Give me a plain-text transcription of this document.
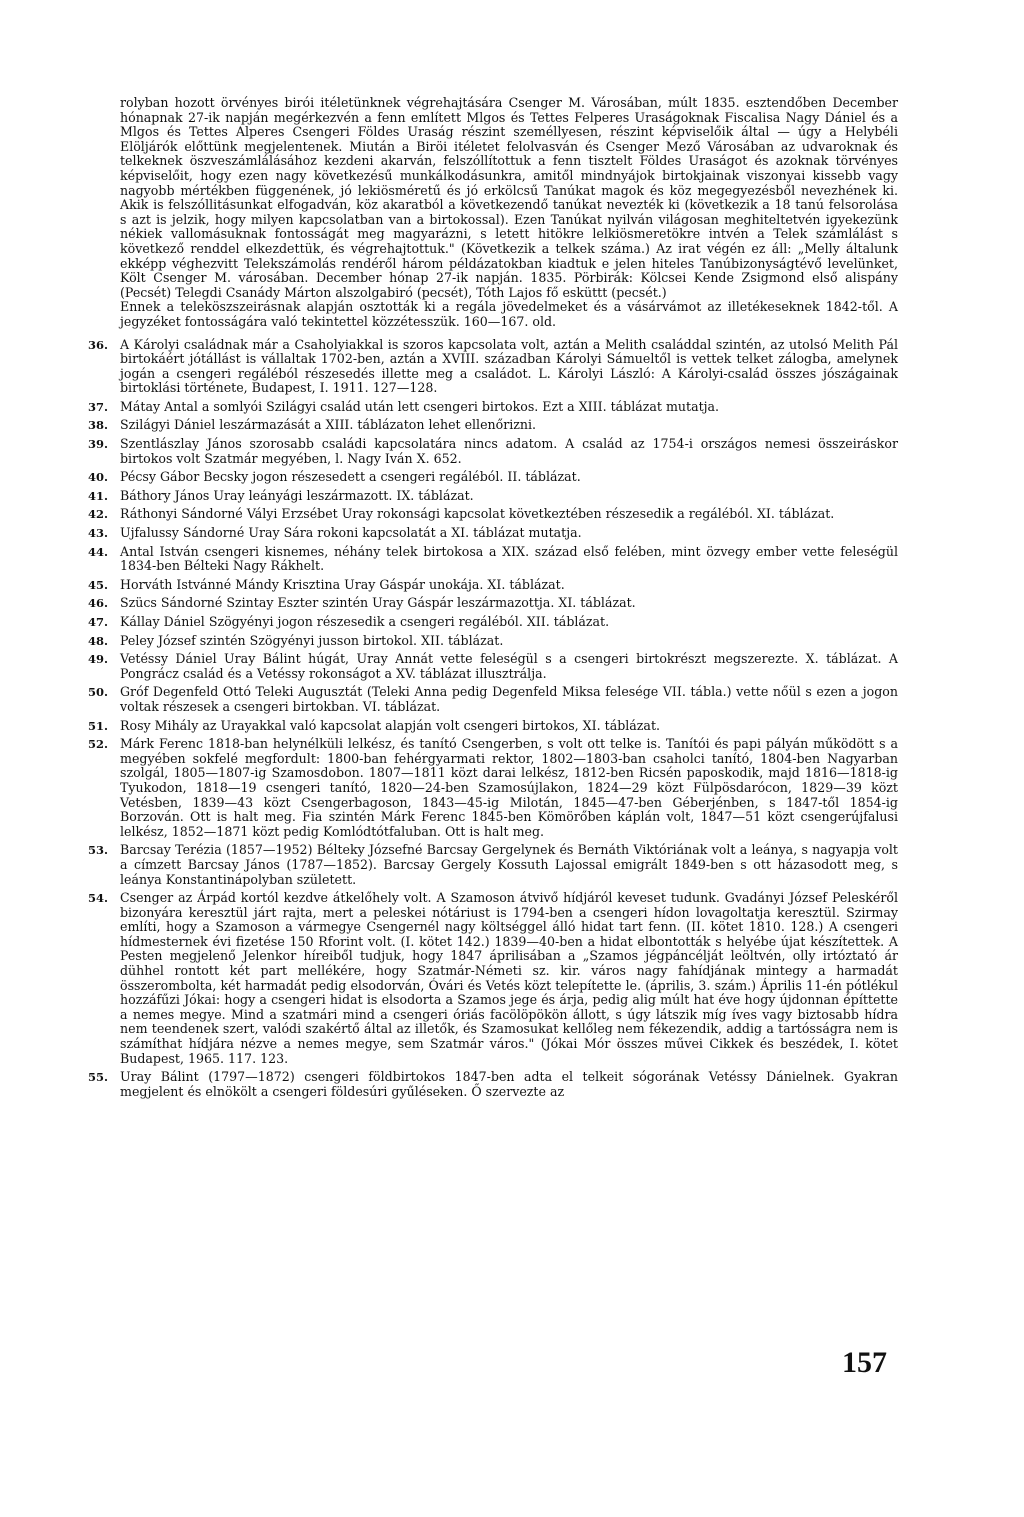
rolyban hozott örvényes birói itéletünknek végrehajtására Csenger M. Városában, múlt 1835. esztendőben December hónapnak 27-ik napján megérkezvén a fenn említett Mlgos és Tettes Felperes Uraságoknak Fiscalisa Nagy Dániel és a Mlgos és Tettes Alperes Csengeri Földes Uraság részint személlyesen, részint képviselőik által — úgy a Helybéli Elöljárók előttünk megjelentenek. Miután a Biröi itéletet felolvasván és Csenger Mező Városában az udvaroknak és telkeknek öszveszámlálásához kezdeni akarván, felszóllítottuk a fenn tisztelt Földes Uraságot és azoknak törvényes képviselőit, hogy ezen nagy következésű munkálkodásunkra, amitől mindnyájok birtokjainak viszonyai kissebb vagy nagyobb mértékben függenének, jó lekiösméretű és jó erkölcsű Tanúkat magok és köz megegyezésből nevezhének ki. Akik is felszóllitásunkat elfogadván, köz akaratból a következendő tanúkat nevezték ki (következik a 18 tanú felsorolása s azt is jelzik, hogy milyen kapcsolatban van a birtokossal). Ezen Tanúkat nyilván világosan meghiteltetvén igyekezünk nékiek vallomásuknak fontosságát meg magyarázni, s letett hitökre lelkiösmeretökre intvén a Telek számlálást s következő renddel elkezdettük, és végrehajtottuk." (Következik a telkek száma.) Az irat végén ez áll: „Melly általunk ekképp véghezvitt Telekszámolás rendéről három példázatokban kiadtuk e jelen hiteles Tanúbizonyságtévő levelünket, Költ Csenger M. városában. December hónap 27-ik napján. 1835. Pörbirák: Kölcsei Kende Zsigmond első alispány (Pecsét) Telegdi Csanády Márton alszolgabiró (pecsét), Tóth Lajos fő esküttt (pecsét.)

Ennek a teleköszszeirásnak alapján osztották ki a regála jövedelmeket és a vásárvámot az illetékeseknek 1842-től. A jegyzéket fontosságára való tekintettel közzétesszük. 160—167. old.

36. A Károlyi családnak már a Csaholyiakkal is szoros kapcsolata volt, aztán a Melith családdal szintén, az utolsó Melith Pál birtokáért jótállást is vállaltak 1702-ben, aztán a XVIII. században Károlyi Sámueltől is vettek telket zálogba, amelynek jogán a csengeri regáléból részesedés illette meg a családot. L. Károlyi László: A Károlyi-család összes jószágainak birtoklási története, Budapest, I. 1911. 127—128.
37. Mátay Antal a somlyói Szilágyi család után lett csengeri birtokos. Ezt a XIII. táblázat mutatja.
38. Szilágyi Dániel leszármazását a XIII. táblázaton lehet ellenőrizni.
39. Szentlászlay János szorosabb családi kapcsolatára nincs adatom. A család az 1754-i országos nemesi összeiráskor birtokos volt Szatmár megyében, l. Nagy Iván X. 652.
40. Pécsy Gábor Becsky jogon részesedett a csengeri regáléból. II. táblázat.
41. Báthory János Uray leányági leszármazott. IX. táblázat.
42. Ráthonyi Sándorné Vályi Erzsébet Uray rokonsági kapcsolat következtében részesedik a regáléból. XI. táblázat.
43. Ujfalussy Sándorné Uray Sára rokoni kapcsolatát a XI. táblázat mutatja.
44. Antal István csengeri kisnemes, néhány telek birtokosa a XIX. század első felében, mint özvegy ember vette feleségül 1834-ben Bélteki Nagy Rákhelt.
45. Horváth Istvánné Mándy Krisztina Uray Gáspár unokája. XI. táblázat.
46. Szücs Sándorné Szintay Eszter szintén Uray Gáspár leszármazottja. XI. táblázat.
47. Kállay Dániel Szögyényi jogon részesedik a csengeri regáléból. XII. táblázat.
48. Peley József szintén Szögyényi jusson birtokol. XII. táblázat.
49. Vetéssy Dániel Uray Bálint húgát, Uray Annát vette feleségül s a csengeri birtokrészt megszerezte. X. táblázat. A Pongrácz család és a Vetéssy rokonságot a XV. táblázat illusztrálja.
50. Gróf Degenfeld Ottó Teleki Augusztát (Teleki Anna pedig Degenfeld Miksa felesége VII. tábla.) vette nőül s ezen a jogon voltak részesek a csengeri birtokban. VI. táblázat.
51. Rosy Mihály az Urayakkal való kapcsolat alapján volt csengeri birtokos, XI. táblázat.
52. Márk Ferenc 1818-ban helynélküli lelkész, és tanító Csengerben, s volt ott telke is. Tanítói és papi pályán működött s a megyében sokfelé megfordult: 1800-ban fehérgyarmati rektor, 1802—1803-ban csaholci tanító, 1804-ben Nagyarban szolgál, 1805—1807-ig Szamosdobon. 1807—1811 közt darai lelkész, 1812-ben Ricsén paposkodik, majd 1816—1818-ig Tyukodon, 1818—19 csengeri tanító, 1820—24-ben Szamosújlakon, 1824—29 közt Fülpösdarócon, 1829—39 közt Vetésben, 1839—43 közt Csengerbagoson, 1843—45-ig Milotán, 1845—47-ben Géberjénben, s 1847-től 1854-ig Borzován. Ott is halt meg. Fia szintén Márk Ferenc 1845-ben Kömörőben káplán volt, 1847—51 közt csengerújfalusi lelkész, 1852—1871 közt pedig Komlódtótfaluban. Ott is halt meg.
53. Barcsay Terézia (1857—1952) Bélteky Józsefné Barcsay Gergelynek és Bernáth Viktóriának volt a leánya, s nagyapja volt a címzett Barcsay János (1787—1852). Barcsay Gergely Kossuth Lajossal emigrált 1849-ben s ott házasodott meg, s leánya Konstantinápolyban született.
54. Csenger az Árpád kortól kezdve átkelőhely volt. A Szamoson átvivő hídjáról keveset tudunk. Gvadányi József Peleskéről bizonyára keresztül járt rajta, mert a peleskei nótáriust is 1794-ben a csengeri hídon lovagoltatja keresztül. Szirmay említi, hogy a Szamoson a vármegye Csengernél nagy költséggel álló hidat tart fenn. (II. kötet 1810. 128.) A csengeri hídmesternek évi fizetése 150 Rforint volt. (I. kötet 142.) 1839—40-ben a hidat elbontották s helyébe újat készítettek. A Pesten megjelenő Jelenkor híreiből tudjuk, hogy 1847 áprilisában a „Szamos jégpáncélját leöltvén, olly irtóztató ár dühhel rontott két part mellékére, hogy Szatmár-Németi sz. kir. város nagy fahídjának mintegy a harmadát összerombolta, két harmadát pedig elsodorván, Óvári és Vetés közt telepítette le. (április, 3. szám.) Április 11-én pótlékul hozzáfűzi Jókai: hogy a csengeri hidat is elsodorta a Szamos jege és árja, pedig alig múlt hat éve hogy újdonnan építtette a nemes megye. Mind a szatmári mind a csengeri óriás facölöpökön állott, s úgy látszik míg íves vagy biztosabb hídra nem teendenek szert, valódi szakértő által az illetők, és Szamosukat kellőleg nem fékezendik, addig a tartósságra nem is számíthat hídjára nézve a nemes megye, sem Szatmár város." (Jókai Mór összes művei Cikkek és beszédek, I. kötet Budapest, 1965. 117. 123.
55. Uray Bálint (1797—1872) csengeri földbirtokos 1847-ben adta el telkeit sógorának Vetéssy Dánielnek. Gyakran megjelent és elnökölt a csengeri földesúri gyűléseken. Ő szervezte az
157
